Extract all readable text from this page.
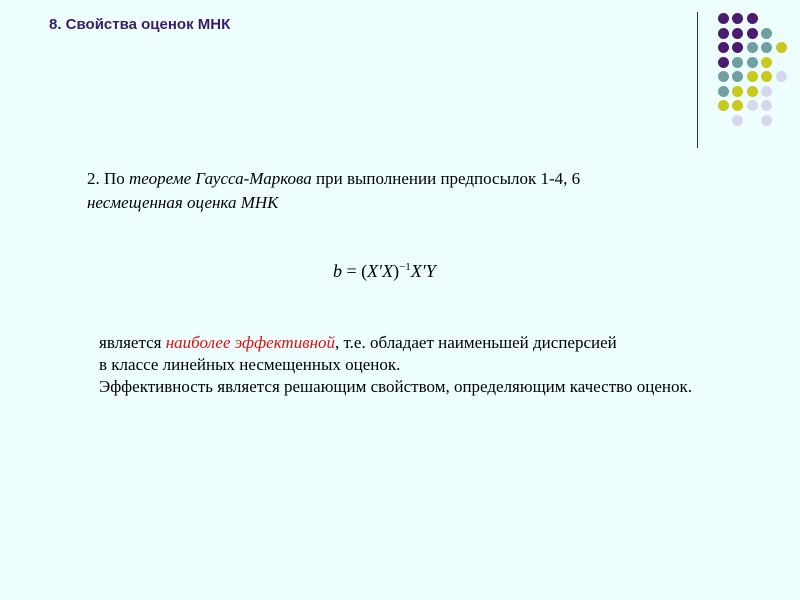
8. Свойства оценок МНК
2. По теореме Гаусса-Маркова при выполнении предпосылок 1-4, 6
несмещенная оценка МНК
$b = (X'X)^{-1}X'Y$
является наиболее эффективной, т.е. обладает наименьшей дисперсией
в классе линейных несмещенных оценок.
Эффективность является решающим свойством, определяющим качество оценок.
